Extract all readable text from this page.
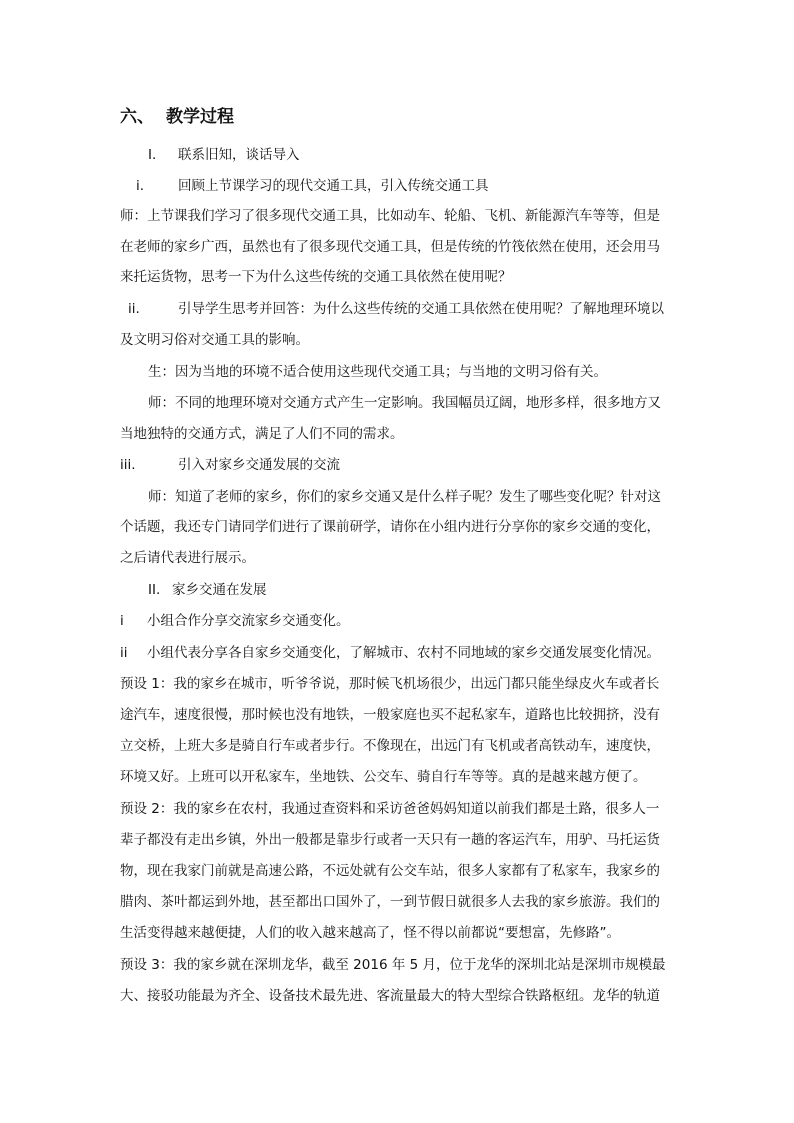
六、 教学过程
I. 联系旧知，谈话导入
i.	回顾上节课学习的现代交通工具，引入传统交通工具
师：上节课我们学习了很多现代交通工具，比如动车、轮船、飞机、新能源汽车等等，但是
在老师的家乡广西，虽然也有了很多现代交通工具，但是传统的竹筏依然在使用，还会用马
来托运货物，思考一下为什么这些传统的交通工具依然在使用呢？
ii.	引导学生思考并回答：为什么这些传统的交通工具依然在使用呢？了解地理环境以
及文明习俗对交通工具的影响。
生：因为当地的环境不适合使用这些现代交通工具；与当地的文明习俗有关。
师：不同的地理环境对交通方式产生一定影响。我国幅员辽阔，地形多样，很多地方又
当地独特的交通方式，满足了人们不同的需求。
iii.	引入对家乡交通发展的交流
师：知道了老师的家乡，你们的家乡交通又是什么样子呢？发生了哪些变化呢？针对这
个话题，我还专门请同学们进行了课前研学，请你在小组内进行分享你的家乡交通的变化，
之后请代表进行展示。
II. 家乡交通在发展
i 小组合作分享交流家乡交通变化。
ii 小组代表分享各自家乡交通变化，了解城市、农村不同地域的家乡交通发展变化情况。
预设 1：我的家乡在城市，听爷爷说，那时候飞机场很少，出远门都只能坐绿皮火车或者长
途汽车，速度很慢，那时候也没有地铁，一般家庭也买不起私家车，道路也比较拥挤，没有
立交桥，上班大多是骑自行车或者步行。不像现在，出远门有飞机或者高铁动车，速度快，
环境又好。上班可以开私家车，坐地铁、公交车、骑自行车等等。真的是越来越方便了。
预设 2：我的家乡在农村，我通过查资料和采访爸爸妈妈知道以前我们都是土路，很多人一
辈子都没有走出乡镇，外出一般都是靠步行或者一天只有一趟的客运汽车，用驴、马托运货
物，现在我家门前就是高速公路，不远处就有公交车站，很多人家都有了私家车，我家乡的
腊肉、茶叶都运到外地，甚至都出口国外了，一到节假日就很多人去我的家乡旅游。我们的
生活变得越来越便捷，人们的收入越来越高了，怪不得以前都说“要想富，先修路”。
预设 3：我的家乡就在深圳龙华，截至 2016 年 5 月，位于龙华的深圳北站是深圳市规模最
大、接驳功能最为齐全、设备技术最先进、客流量最大的特大型综合铁路枢纽。龙华的轨道
